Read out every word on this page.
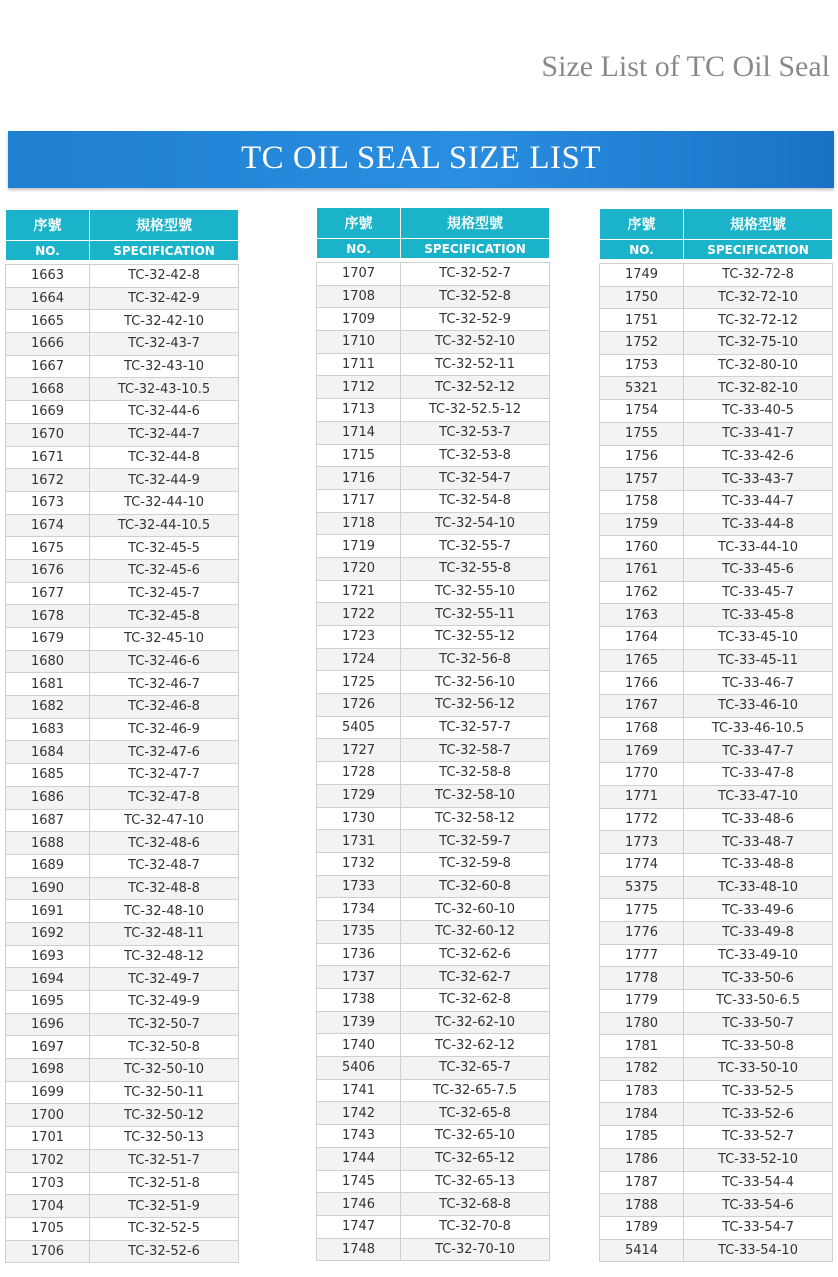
Size List of TC Oil Seal
TC OIL SEAL SIZE LIST
序號	規格型號
NO.	SPECIFICATION

1663	TC-32-42-8
1664	TC-32-42-9
1665	TC-32-42-10
1666	TC-32-43-7
1667	TC-32-43-10
1668	TC-32-43-10.5
1669	TC-32-44-6
1670	TC-32-44-7
1671	TC-32-44-8
1672	TC-32-44-9
1673	TC-32-44-10
1674	TC-32-44-10.5
1675	TC-32-45-5
1676	TC-32-45-6
1677	TC-32-45-7
1678	TC-32-45-8
1679	TC-32-45-10
1680	TC-32-46-6
1681	TC-32-46-7
1682	TC-32-46-8
1683	TC-32-46-9
1684	TC-32-47-6
1685	TC-32-47-7
1686	TC-32-47-8
1687	TC-32-47-10
1688	TC-32-48-6
1689	TC-32-48-7
1690	TC-32-48-8
1691	TC-32-48-10
1692	TC-32-48-11
1693	TC-32-48-12
1694	TC-32-49-7
1695	TC-32-49-9
1696	TC-32-50-7
1697	TC-32-50-8
1698	TC-32-50-10
1699	TC-32-50-11
1700	TC-32-50-12
1701	TC-32-50-13
1702	TC-32-51-7
1703	TC-32-51-8
1704	TC-32-51-9
1705	TC-32-52-5
1706	TC-32-52-6
序號	規格型號
NO.	SPECIFICATION

1707	TC-32-52-7
1708	TC-32-52-8
1709	TC-32-52-9
1710	TC-32-52-10
1711	TC-32-52-11
1712	TC-32-52-12
1713	TC-32-52.5-12
1714	TC-32-53-7
1715	TC-32-53-8
1716	TC-32-54-7
1717	TC-32-54-8
1718	TC-32-54-10
1719	TC-32-55-7
1720	TC-32-55-8
1721	TC-32-55-10
1722	TC-32-55-11
1723	TC-32-55-12
1724	TC-32-56-8
1725	TC-32-56-10
1726	TC-32-56-12
5405	TC-32-57-7
1727	TC-32-58-7
1728	TC-32-58-8
1729	TC-32-58-10
1730	TC-32-58-12
1731	TC-32-59-7
1732	TC-32-59-8
1733	TC-32-60-8
1734	TC-32-60-10
1735	TC-32-60-12
1736	TC-32-62-6
1737	TC-32-62-7
1738	TC-32-62-8
1739	TC-32-62-10
1740	TC-32-62-12
5406	TC-32-65-7
1741	TC-32-65-7.5
1742	TC-32-65-8
1743	TC-32-65-10
1744	TC-32-65-12
1745	TC-32-65-13
1746	TC-32-68-8
1747	TC-32-70-8
1748	TC-32-70-10
序號	規格型號
NO.	SPECIFICATION

1749	TC-32-72-8
1750	TC-32-72-10
1751	TC-32-72-12
1752	TC-32-75-10
1753	TC-32-80-10
5321	TC-32-82-10
1754	TC-33-40-5
1755	TC-33-41-7
1756	TC-33-42-6
1757	TC-33-43-7
1758	TC-33-44-7
1759	TC-33-44-8
1760	TC-33-44-10
1761	TC-33-45-6
1762	TC-33-45-7
1763	TC-33-45-8
1764	TC-33-45-10
1765	TC-33-45-11
1766	TC-33-46-7
1767	TC-33-46-10
1768	TC-33-46-10.5
1769	TC-33-47-7
1770	TC-33-47-8
1771	TC-33-47-10
1772	TC-33-48-6
1773	TC-33-48-7
1774	TC-33-48-8
5375	TC-33-48-10
1775	TC-33-49-6
1776	TC-33-49-8
1777	TC-33-49-10
1778	TC-33-50-6
1779	TC-33-50-6.5
1780	TC-33-50-7
1781	TC-33-50-8
1782	TC-33-50-10
1783	TC-33-52-5
1784	TC-33-52-6
1785	TC-33-52-7
1786	TC-33-52-10
1787	TC-33-54-4
1788	TC-33-54-6
1789	TC-33-54-7
5414	TC-33-54-10
